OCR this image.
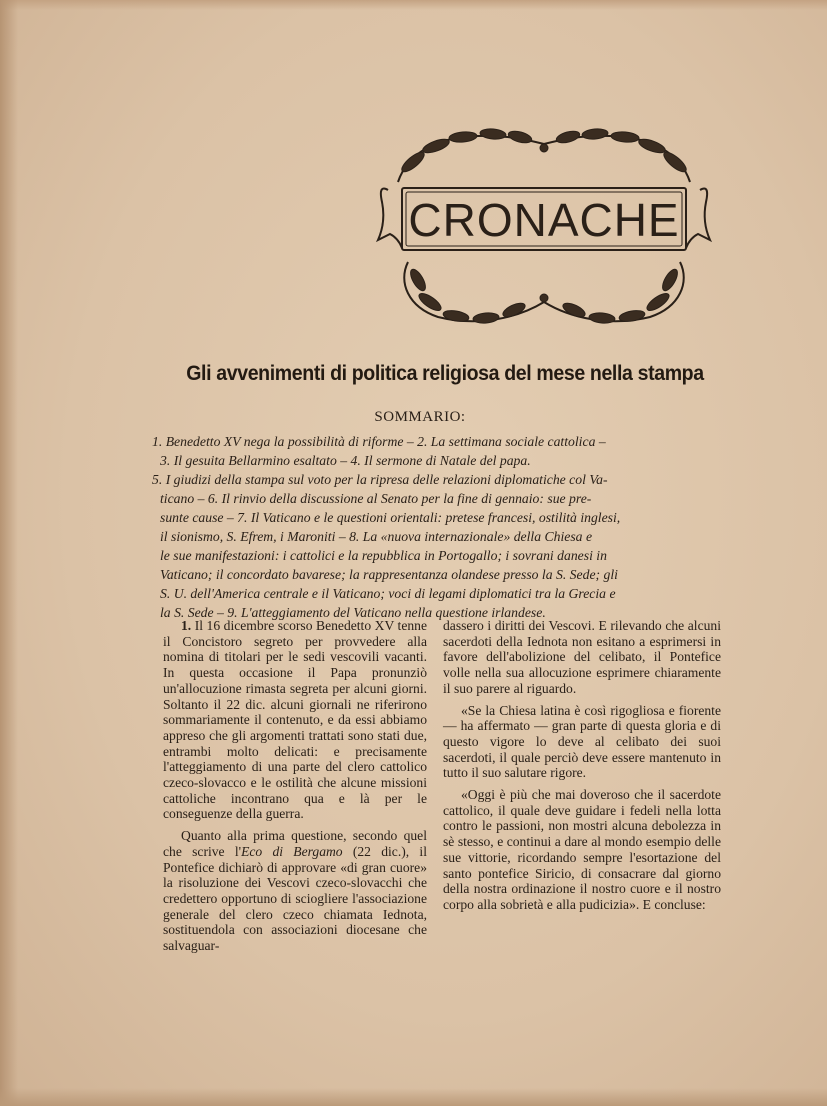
CRONACHE
Gli avvenimenti di politica religiosa del mese nella stampa
SOMMARIO:

1. Benedetto XV nega la possibilità di riforme – 2. La settimana sociale cattolica –

3. Il gesuita Bellarmino esaltato – 4. Il sermone di Natale del papa.

5. I giudizi della stampa sul voto per la ripresa delle relazioni diplomatiche col Va-

ticano – 6. Il rinvio della discussione al Senato per la fine di gennaio: sue pre-

sunte cause – 7. Il Vaticano e le questioni orientali: pretese francesi, ostilità inglesi,

il sionismo, S. Efrem, i Maroniti – 8. La «nuova internazionale» della Chiesa e

le sue manifestazioni: i cattolici e la repubblica in Portogallo; i sovrani danesi in

Vaticano; il concordato bavarese; la rappresentanza olandese presso la S. Sede; gli

S. U. dell'America centrale e il Vaticano; voci di legami diplomatici tra la Grecia e

la S. Sede – 9. L'atteggiamento del Vaticano nella questione irlandese.

1. Il 16 dicembre scorso Benedetto XV tenne il Concistoro segreto per provvedere alla nomina di titolari per le sedi vescovili vacanti. In questa occasione il Papa pronunziò un'allocuzione rimasta segreta per alcuni giorni. Soltanto il 22 dic. alcuni giornali ne riferirono sommariamente il contenuto, e da essi abbiamo appreso che gli argomenti trattati sono stati due, entrambi molto delicati: e precisamente l'atteggiamento di una parte del clero cattolico czeco-slovacco e le ostilità che alcune missioni cattoliche incontrano qua e là per le conseguenze della guerra.

Quanto alla prima questione, secondo quel che scrive l'Eco di Bergamo (22 dic.), il Pontefice dichiarò di approvare «di gran cuore» la risoluzione dei Vescovi czeco-slovacchi che credettero opportuno di sciogliere l'associazione generale del clero czeco chiamata Iednota, sostituendola con associazioni diocesane che salvaguar-

dassero i diritti dei Vescovi. E rilevando che alcuni sacerdoti della Iednota non esitano a esprimersi in favore dell'abolizione del celibato, il Pontefice volle nella sua allocuzione esprimere chiaramente il suo parere al riguardo.

«Se la Chiesa latina è così rigogliosa e fiorente — ha affermato — gran parte di questa gloria e di questo vigore lo deve al celibato dei suoi sacerdoti, il quale perciò deve essere mantenuto in tutto il suo salutare rigore.

«Oggi è più che mai doveroso che il sacerdote cattolico, il quale deve guidare i fedeli nella lotta contro le passioni, non mostri alcuna debolezza in sè stesso, e continui a dare al mondo esempio delle sue vittorie, ricordando sempre l'esortazione del santo pontefice Siricio, di consacrare dal giorno della nostra ordinazione il nostro cuore e il nostro corpo alla sobrietà e alla pudicizia». E concluse:
